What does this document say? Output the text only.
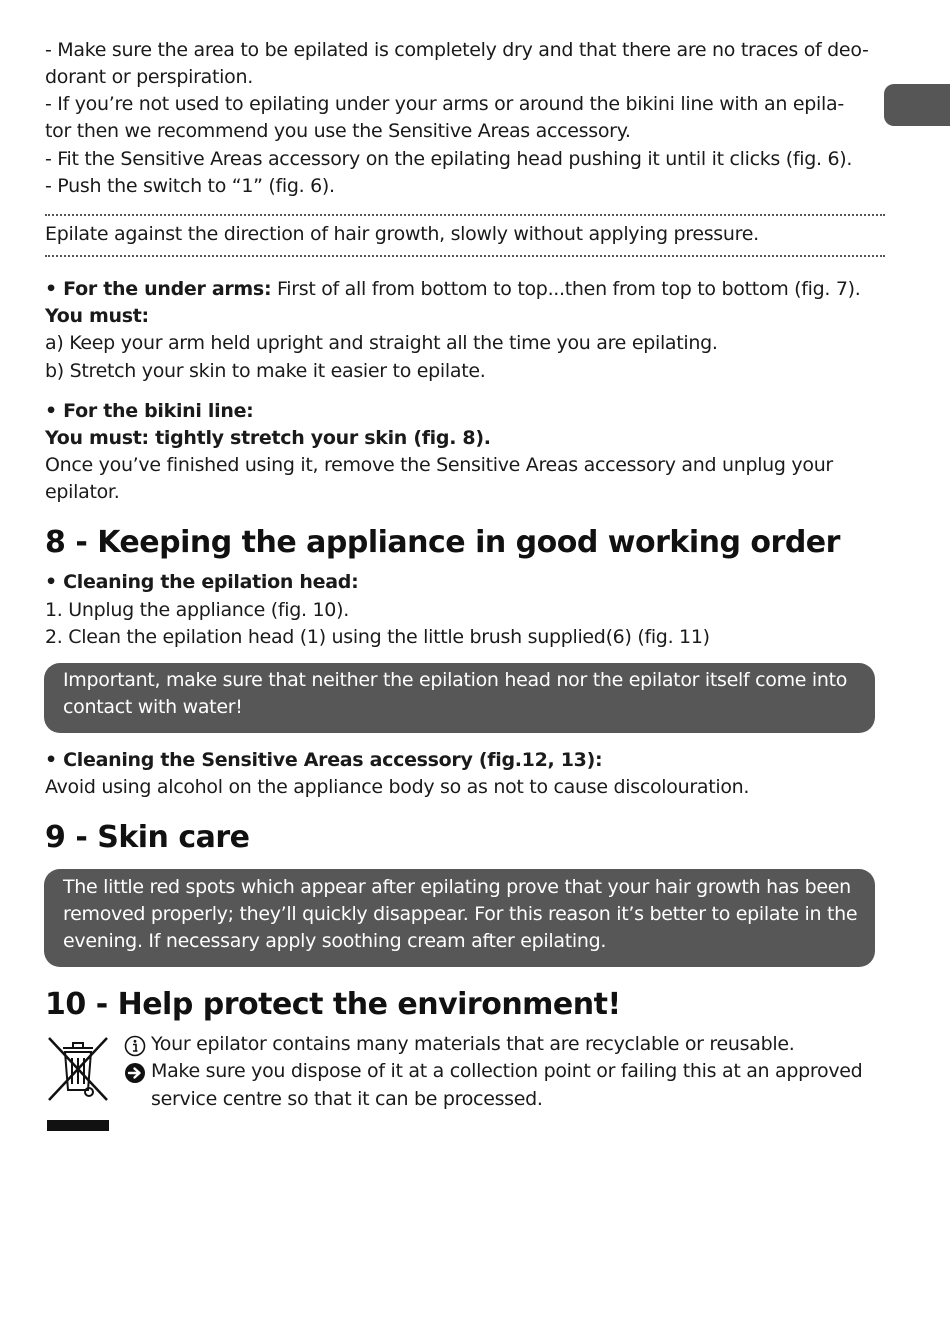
- Make sure the area to be epilated is completely dry and that there are no traces of deo-
dorant or perspiration.
- If you’re not used to epilating under your arms or around the bikini line with an epila-
tor then we recommend you use the Sensitive Areas accessory.
- Fit the Sensitive Areas accessory on the epilating head pushing it until it clicks (fig. 6).
- Push the switch to “1” (fig. 6).
Epilate against the direction of hair growth, slowly without applying pressure.
• For the under arms: First of all from bottom to top...then from top to bottom (fig. 7).
You must:
a) Keep your arm held upright and straight all the time you are epilating.
b) Stretch your skin to make it easier to epilate.
• For the bikini line:
You must: tightly stretch your skin (fig. 8).
Once you’ve finished using it, remove the Sensitive Areas accessory and unplug your
epilator.
8 - Keeping the appliance in good working order
• Cleaning the epilation head:
1. Unplug the appliance (fig. 10).
2. Clean the epilation head (1) using the little brush supplied(6) (fig. 11)
Important, make sure that neither the epilation head nor the epilator itself come into
contact with water!
• Cleaning the Sensitive Areas accessory (fig.12, 13):
Avoid using alcohol on the appliance body so as not to cause discolouration.
9 - Skin care
The little red spots which appear after epilating prove that your hair growth has been
removed properly; they’ll quickly disappear. For this reason it’s better to epilate in the
evening. If necessary apply soothing cream after epilating.
10 - Help protect the environment!
Your epilator contains many materials that are recyclable or reusable.
Make sure you dispose of it at a collection point or failing this at an approved
service centre so that it can be processed.
